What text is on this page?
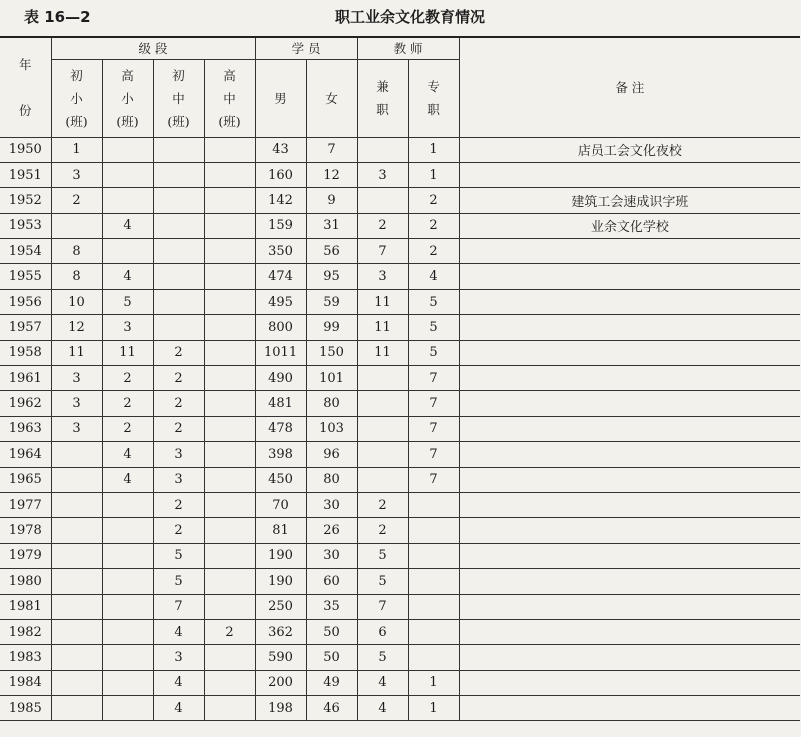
表 16—2	职工业余文化教育情况
年

份	级 段				学 员		教 师		备 注
	初
小
(班)	高
小
(班)	初
中
(班)	高
中
(班)	男	女	兼
职	专
职	
1950	1				43	7		1	店员工会文化夜校
1951	3				160	12	3	1	
1952	2				142	9		2	建筑工会速成识字班
1953		4			159	31	2	2	业余文化学校
1954	8				350	56	7	2	
1955	8	4			474	95	3	4	
1956	10	5			495	59	11	5	
1957	12	3			800	99	11	5	
1958	11	11	2		1011	150	11	5	
1961	3	2	2		490	101		7	
1962	3	2	2		481	80		7	
1963	3	2	2		478	103		7	
1964		4	3		398	96		7	
1965		4	3		450	80		7	
1977			2		70	30	2		
1978			2		81	26	2		
1979			5		190	30	5		
1980			5		190	60	5		
1981			7		250	35	7		
1982			4	2	362	50	6		
1983			3		590	50	5		
1984			4		200	49	4	1	
1985			4		198	46	4	1	
